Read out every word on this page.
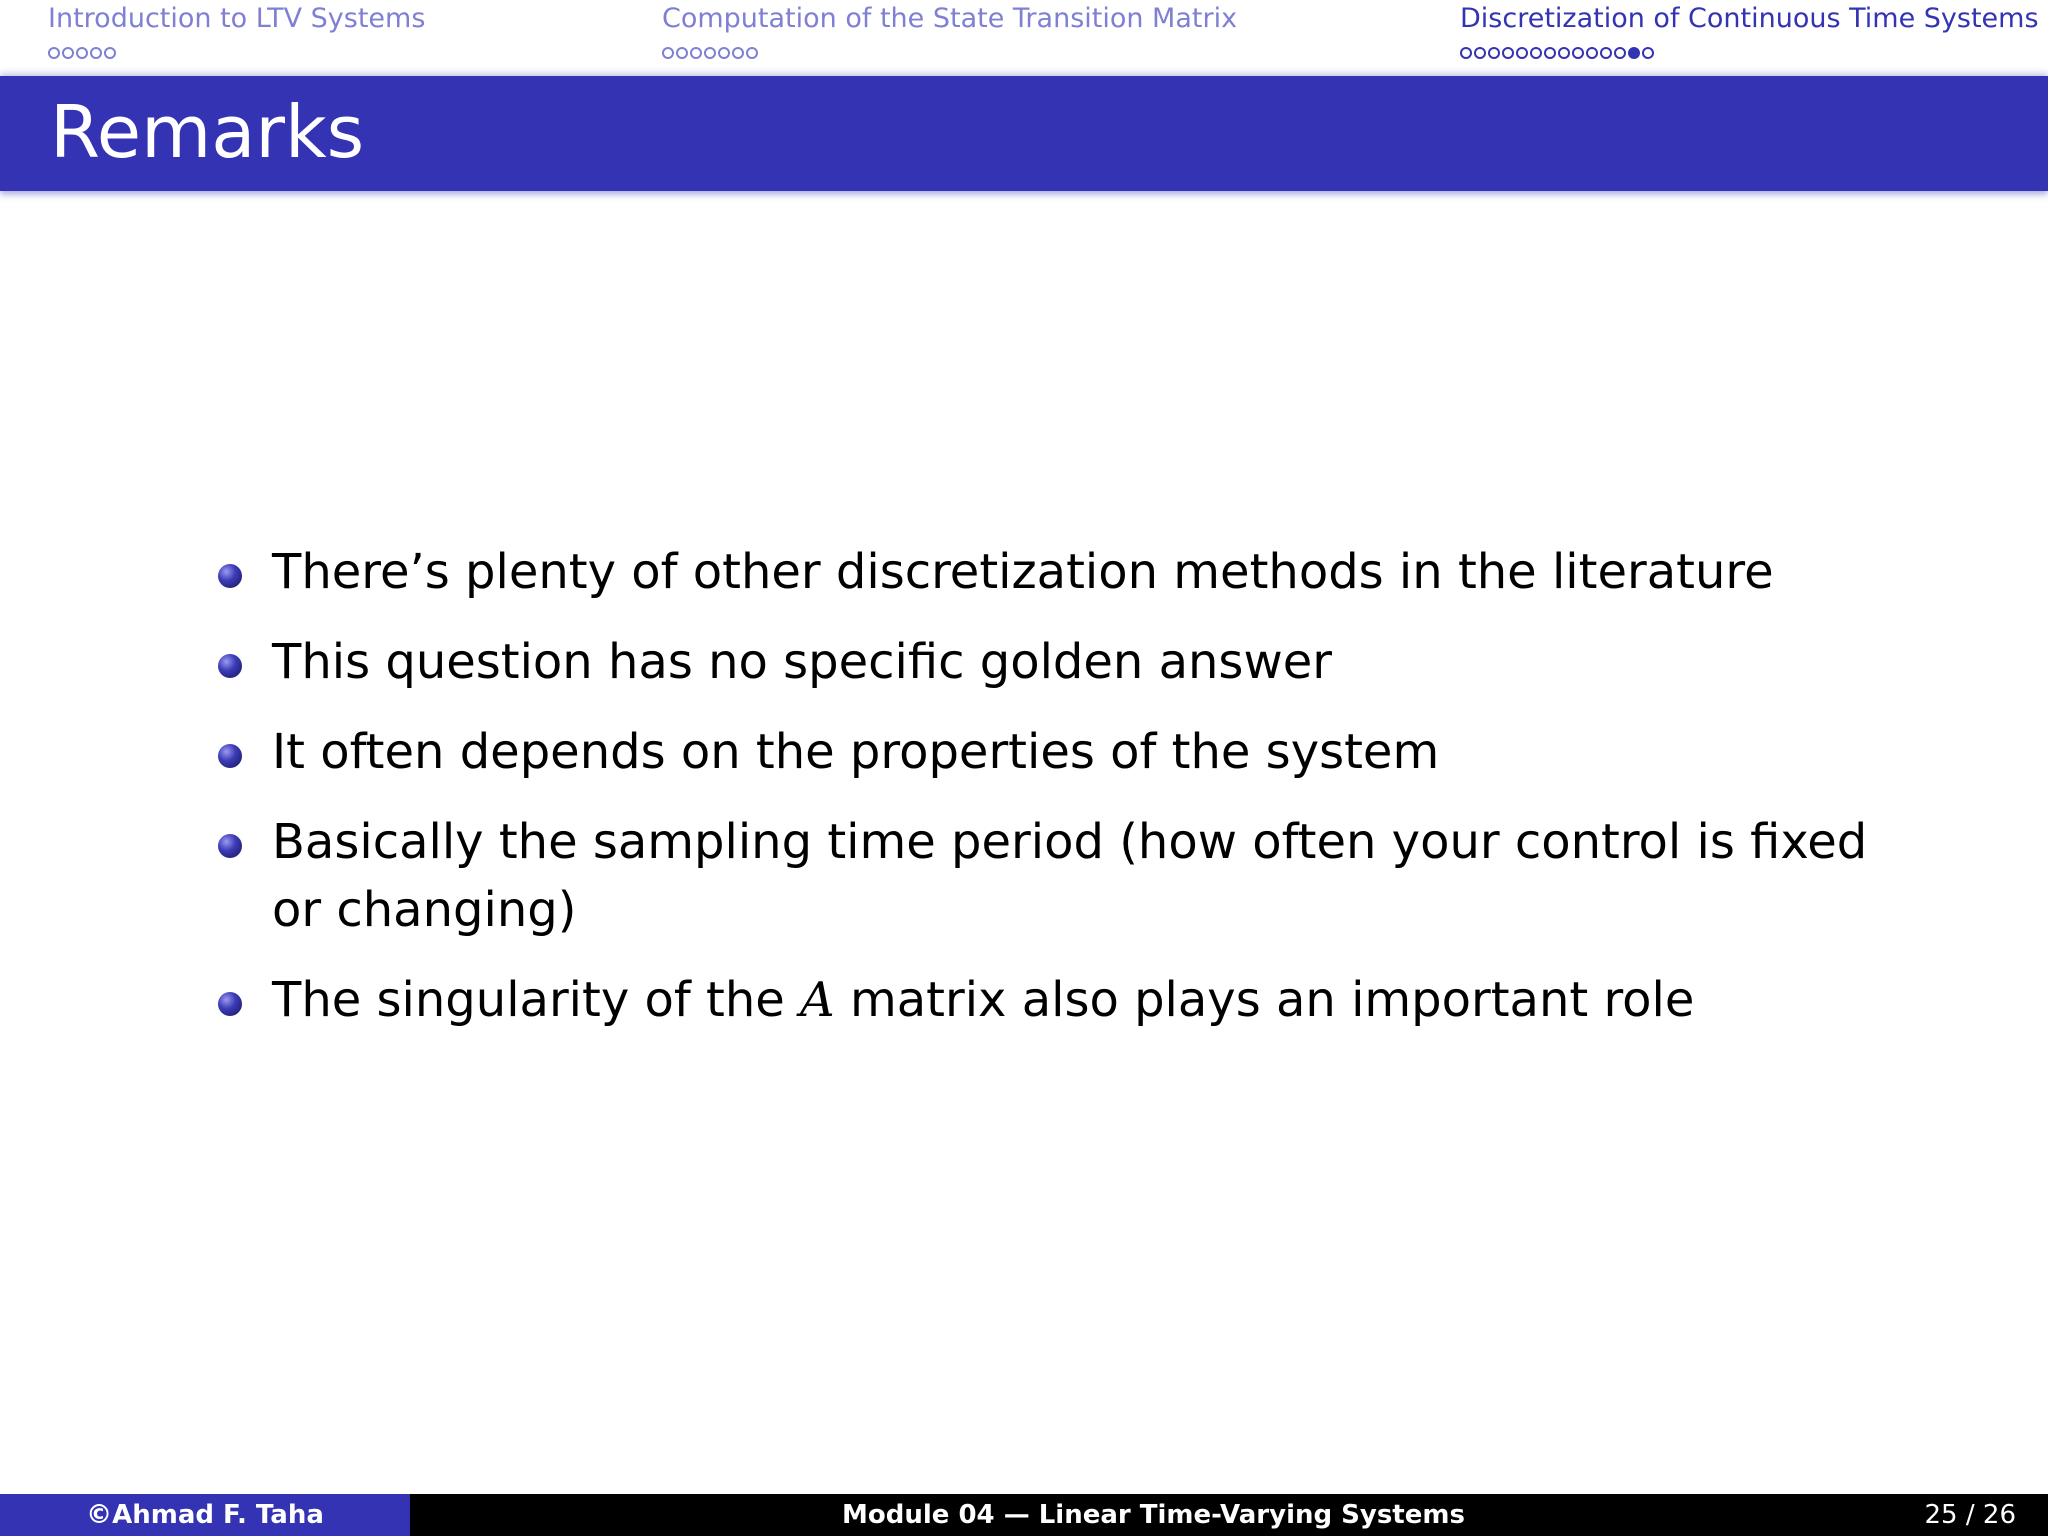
Introduction to LTV Systems	Computation of the State Transition Matrix	Discretization of Continuous Time Systems
Remarks
There’s plenty of other discretization methods in the literature
This question has no specific golden answer
It often depends on the properties of the system
Basically the sampling time period (how often your control is fixed or changing)
The singularity of the A matrix also plays an important role
©Ahmad F. Taha	Module 04 — Linear Time-Varying Systems	25 / 26
